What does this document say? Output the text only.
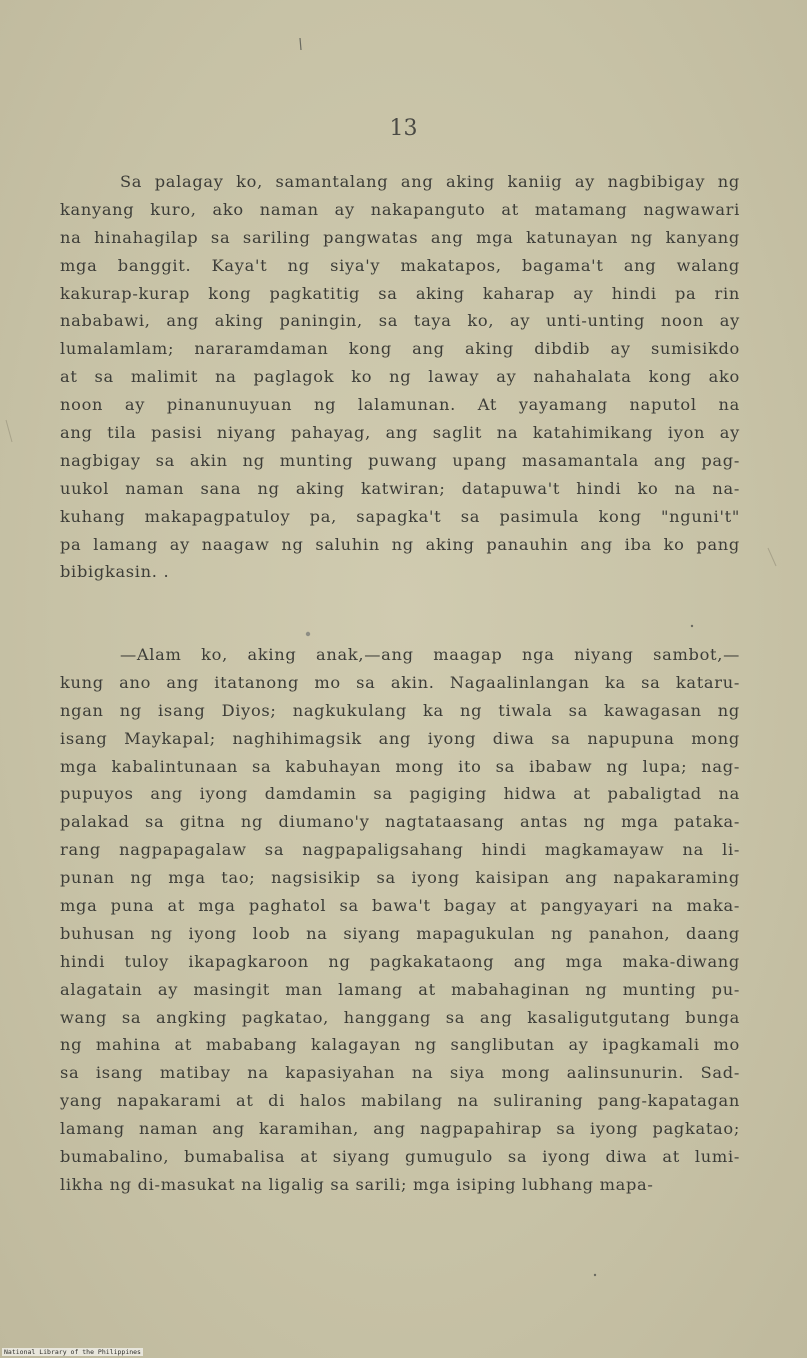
13
Sa palagay ko, samantalang ang aking kaniig ay nagbibigay ng
kanyang kuro, ako naman ay nakapanguto at matamang nagwawari
na hinahagilap sa sariling pangwatas ang mga katunayan ng kanyang
mga banggit. Kaya't ng siya'y makatapos, bagama't ang walang
kakurap-kurap kong pagkatitig sa aking kaharap ay hindi pa rin
nababawi, ang aking paningin, sa taya ko, ay unti-unting noon ay
lumalamlam; nararamdaman kong ang aking dibdib ay sumisikdo
at sa malimit na paglagok ko ng laway ay nahahalata kong ako
noon ay pinanunuyuan ng lalamunan. At yayamang naputol na
ang tila pasisi niyang pahayag, ang saglit na katahimikang iyon ay
nagbigay sa akin ng munting puwang upang masamantala ang pag-
uukol naman sana ng aking katwiran; datapuwa't hindi ko na na-
kuhang makapagpatuloy pa, sapagka't sa pasimula kong "nguni't"
pa lamang ay naagaw ng saluhin ng aking panauhin ang iba ko pang
bibigkasin. .
—Alam ko, aking anak,—ang maagap nga niyang sambot,—
kung ano ang itatanong mo sa akin. Nagaalinlangan ka sa kataru-
ngan ng isang Diyos; nagkukulang ka ng tiwala sa kawagasan ng
isang Maykapal; naghihimagsik ang iyong diwa sa napupuna mong
mga kabalintunaan sa kabuhayan mong ito sa ibabaw ng lupa; nag-
pupuyos ang iyong damdamin sa pagiging hidwa at pabaligtad na
palakad sa gitna ng diumano'y nagtataasang antas ng mga pataka-
rang nagpapagalaw sa nagpapaligsahang hindi magkamayaw na li-
punan ng mga tao; nagsisikip sa iyong kaisipan ang napakaraming
mga puna at mga paghatol sa bawa't bagay at pangyayari na maka-
buhusan ng iyong loob na siyang mapagukulan ng panahon, daang
hindi tuloy ikapagkaroon ng pagkakataong ang mga maka-diwang
alagatain ay masingit man lamang at mabahaginan ng munting pu-
wang sa angking pagkatao, hanggang sa ang kasaligutgutang bunga
ng mahina at mababang kalagayan ng sanglibutan ay ipagkamali mo
sa isang matibay na kapasiyahan na siya mong aalinsunurin. Sad-
yang napakarami at di halos mabilang na suliraning pang-kapatagan
lamang naman ang karamihan, ang nagpapahirap sa iyong pagkatao;
bumabalino, bumabalisa at siyang gumugulo sa iyong diwa at lumi-
likha ng di-masukat na ligalig sa sarili; mga isiping lubhang mapa-
National Library of the Philippines
